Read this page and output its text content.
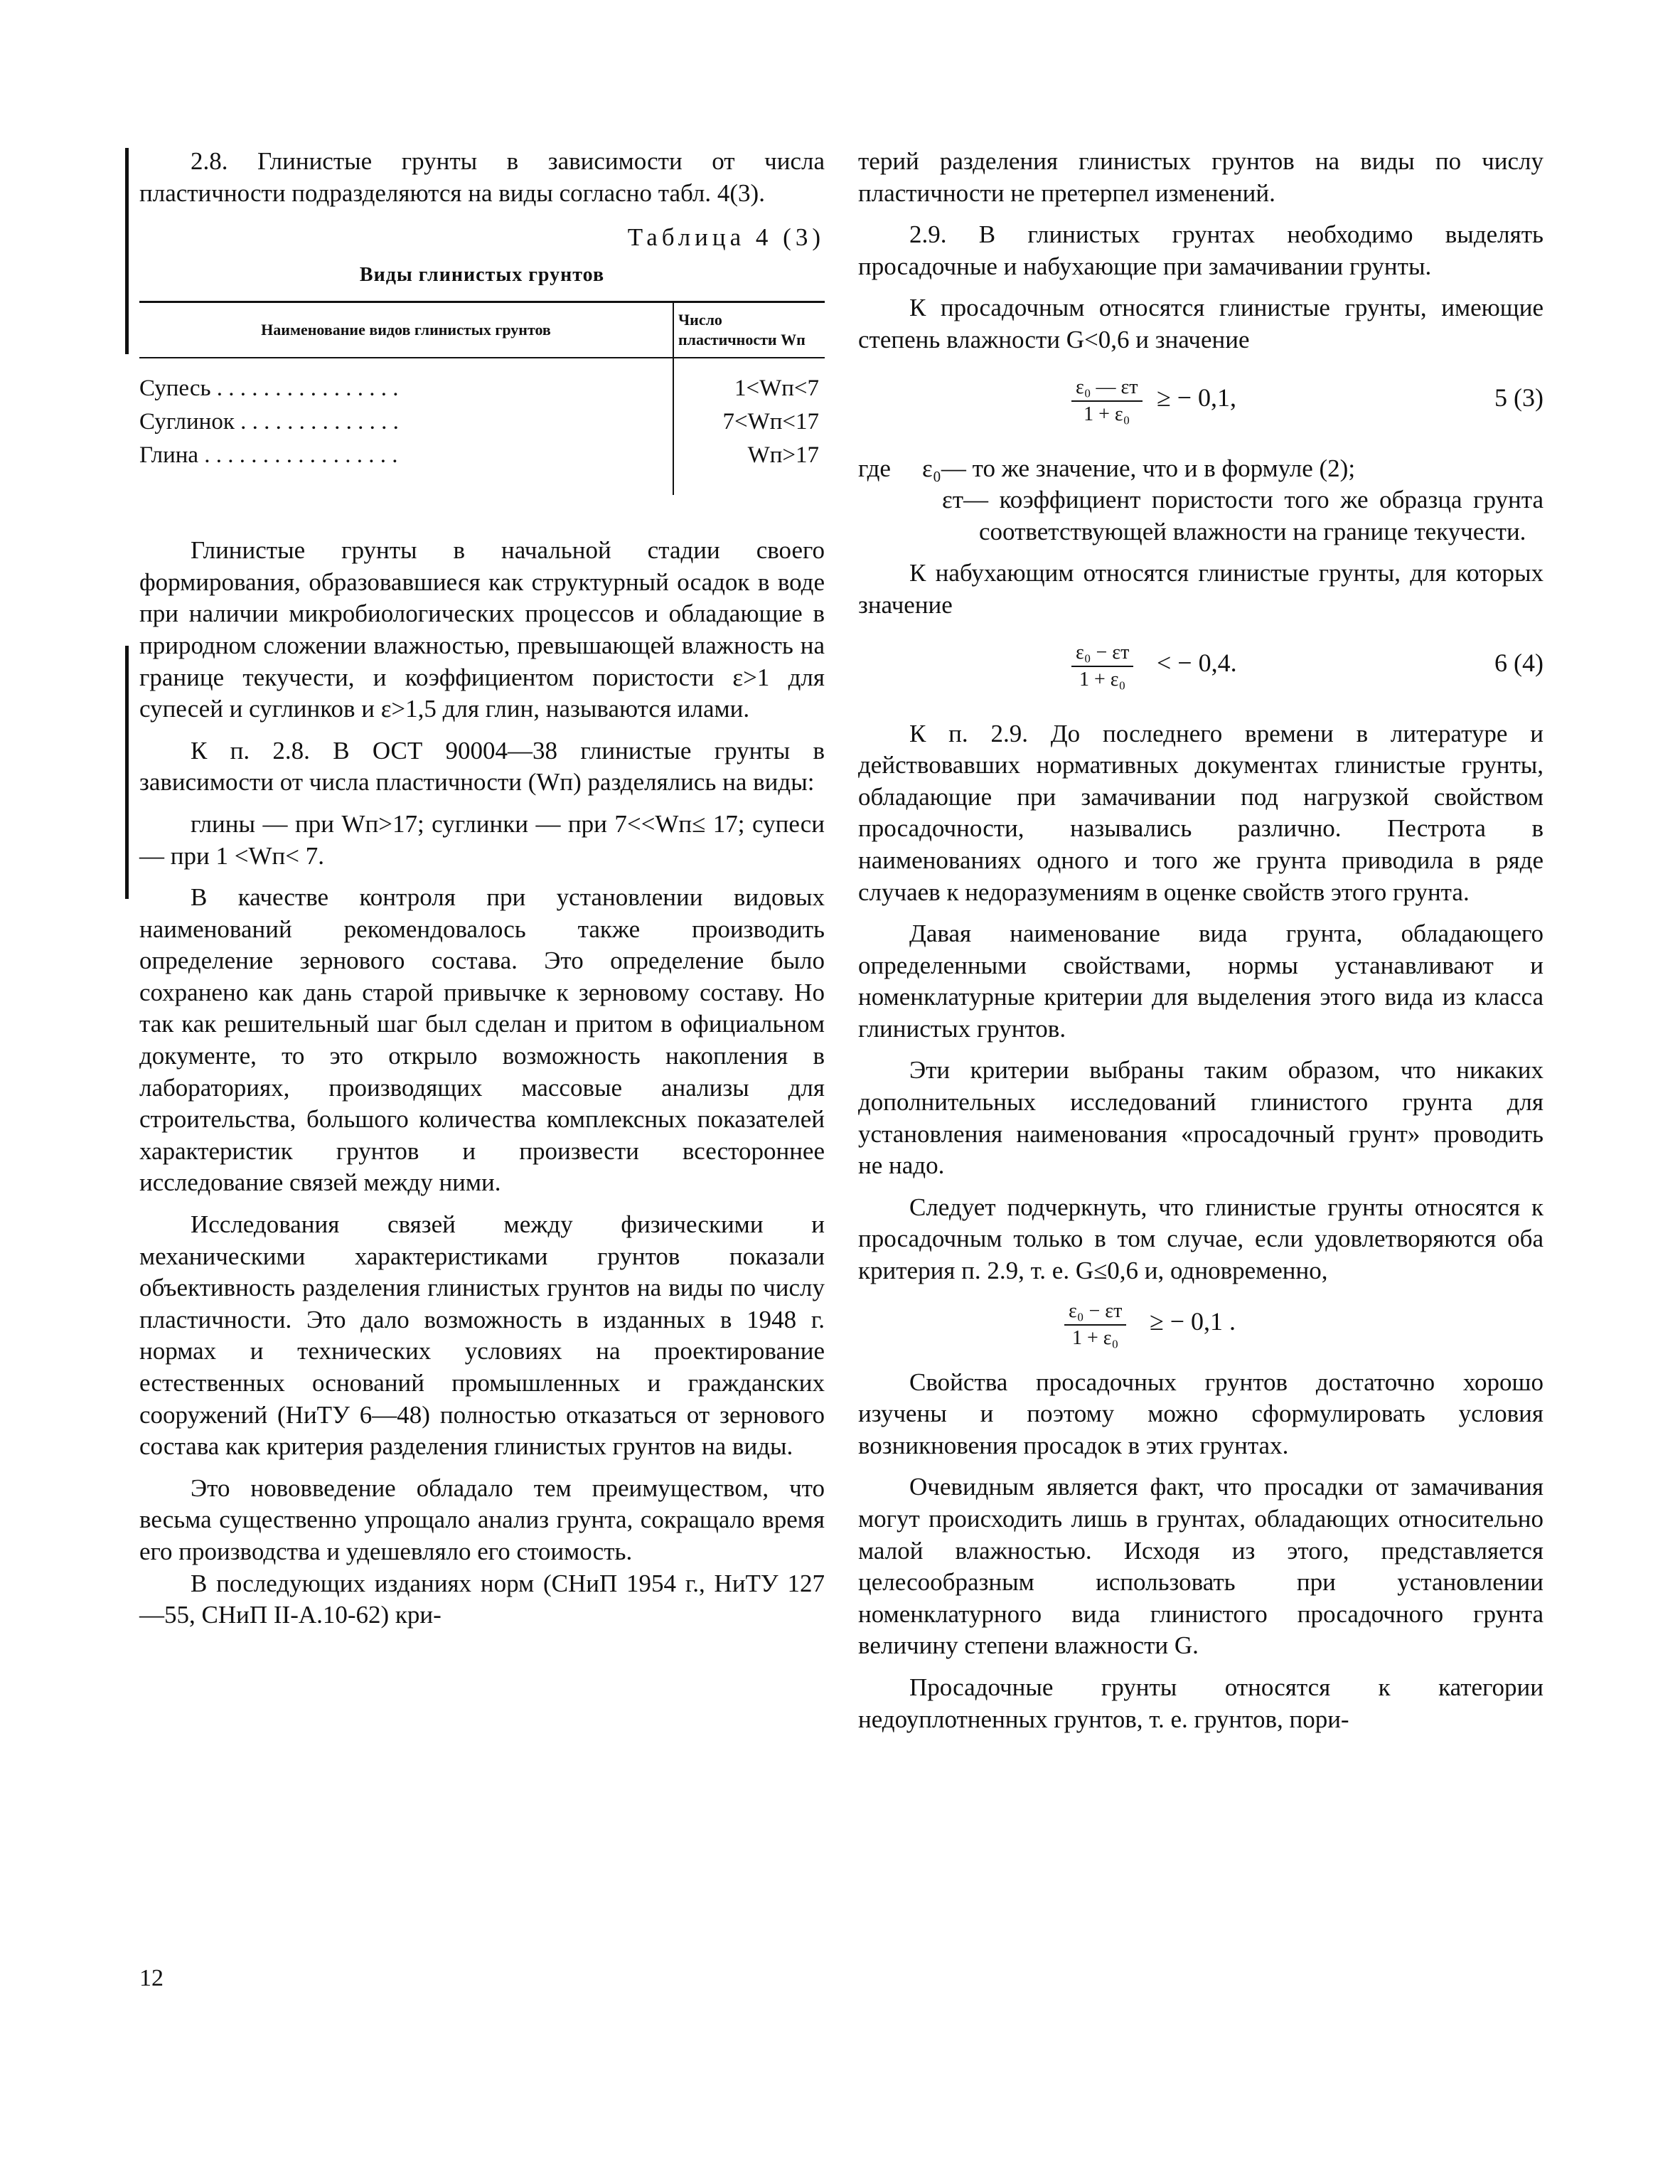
2.8. Глинистые грунты в зависимости от числа пластичности подразделяются на виды согласно табл. 4(3).

Таблица 4 (3)
Виды глинистых грунтов
Наименование видов глинистых грунтов	Число пластичности Wп
Супесь . . . . . . . . . . . . . . . .	1<Wп<7
Суглинок . . . . . . . . . . . . . .	7<Wп<17
Глина . . . . . . . . . . . . . . . . .	Wп>17

Глинистые грунты в начальной стадии своего формирования, образовавшиеся как структурный осадок в воде при наличии микробиологических процессов и обладающие в природном сложении влажностью, превышающей влажность на границе текучести, и коэффициентом пористости ε>1 для супесей и суглинков и ε>1,5 для глин, называются илами.

К п. 2.8. В ОСТ 90004—38 глинистые грунты в зависимости от числа пластичности (Wп) разделялись на виды:

глины — при Wп>17; суглинки — при 7<<Wп≤ 17; супеси — при 1 <Wп< 7.

В качестве контроля при установлении видовых наименований рекомендовалось также производить определение зернового состава. Это определение было сохранено как дань старой привычке к зерновому составу. Но так как решительный шаг был сделан и притом в официальном документе, то это открыло возможность накопления в лабораториях, производящих массовые анализы для строительства, большого количества комплексных показателей характеристик грунтов и произвести всестороннее исследование связей между ними.

Исследования связей между физическими и механическими характеристиками грунтов показали объективность разделения глинистых грунтов на виды по числу пластичности. Это дало возможность в изданных в 1948 г. нормах и технических условиях на проектирование естественных оснований промышленных и гражданских сооружений (НиТУ 6—48) полностью отказаться от зернового состава как критерия разделения глинистых грунтов на виды.

Это нововведение обладало тем преимуществом, что весьма существенно упрощало анализ грунта, сокращало время его производства и удешевляло его стоимость.

В последующих изданиях норм (СНиП 1954 г., НиТУ 127—55, СНиП II-А.10-62) кри-

терий разделения глинистых грунтов на виды по числу пластичности не претерпел изменений.

2.9. В глинистых грунтах необходимо выделять просадочные и набухающие при замачивании грунты.

К просадочным относятся глинистые грунты, имеющие степень влажности G<0,6 и значение

ε₀ — εт
1 + ε₀
≥ − 0,1,	5 (3)
где	ε₀— то же значение, что и в формуле (2);
εт— коэффициент пористости того же образца грунта соответствующей влажности на границе текучести.

К набухающим относятся глинистые грунты, для которых значение

ε₀ − εт
1 + ε₀
< − 0,4.	6 (4)

К п. 2.9. До последнего времени в литературе и действовавших нормативных документах глинистые грунты, обладающие при замачивании под нагрузкой свойством просадочности, назывались различно. Пестрота в наименованиях одного и того же грунта приводила в ряде случаев к недоразумениям в оценке свойств этого грунта.

Давая наименование вида грунта, обладающего определенными свойствами, нормы устанавливают и номенклатурные критерии для выделения этого вида из класса глинистых грунтов.

Эти критерии выбраны таким образом, что никаких дополнительных исследований глинистого грунта для установления наименования «просадочный грунт» проводить не надо.

Следует подчеркнуть, что глинистые грунты относятся к просадочным только в том случае, если удовлетворяются оба критерия п. 2.9, т. е. G≤0,6 и, одновременно,

ε₀ − εт
1 + ε₀
≥ − 0,1 .

Свойства просадочных грунтов достаточно хорошо изучены и поэтому можно сформулировать условия возникновения просадок в этих грунтах.

Очевидным является факт, что просадки от замачивания могут происходить лишь в грунтах, обладающих относительно малой влажностью. Исходя из этого, представляется целесообразным использовать при установлении номенклатурного вида глинистого просадочного грунта величину степени влажности G.

Просадочные грунты относятся к категории недоуплотненных грунтов, т. е. грунтов, пори-

12
